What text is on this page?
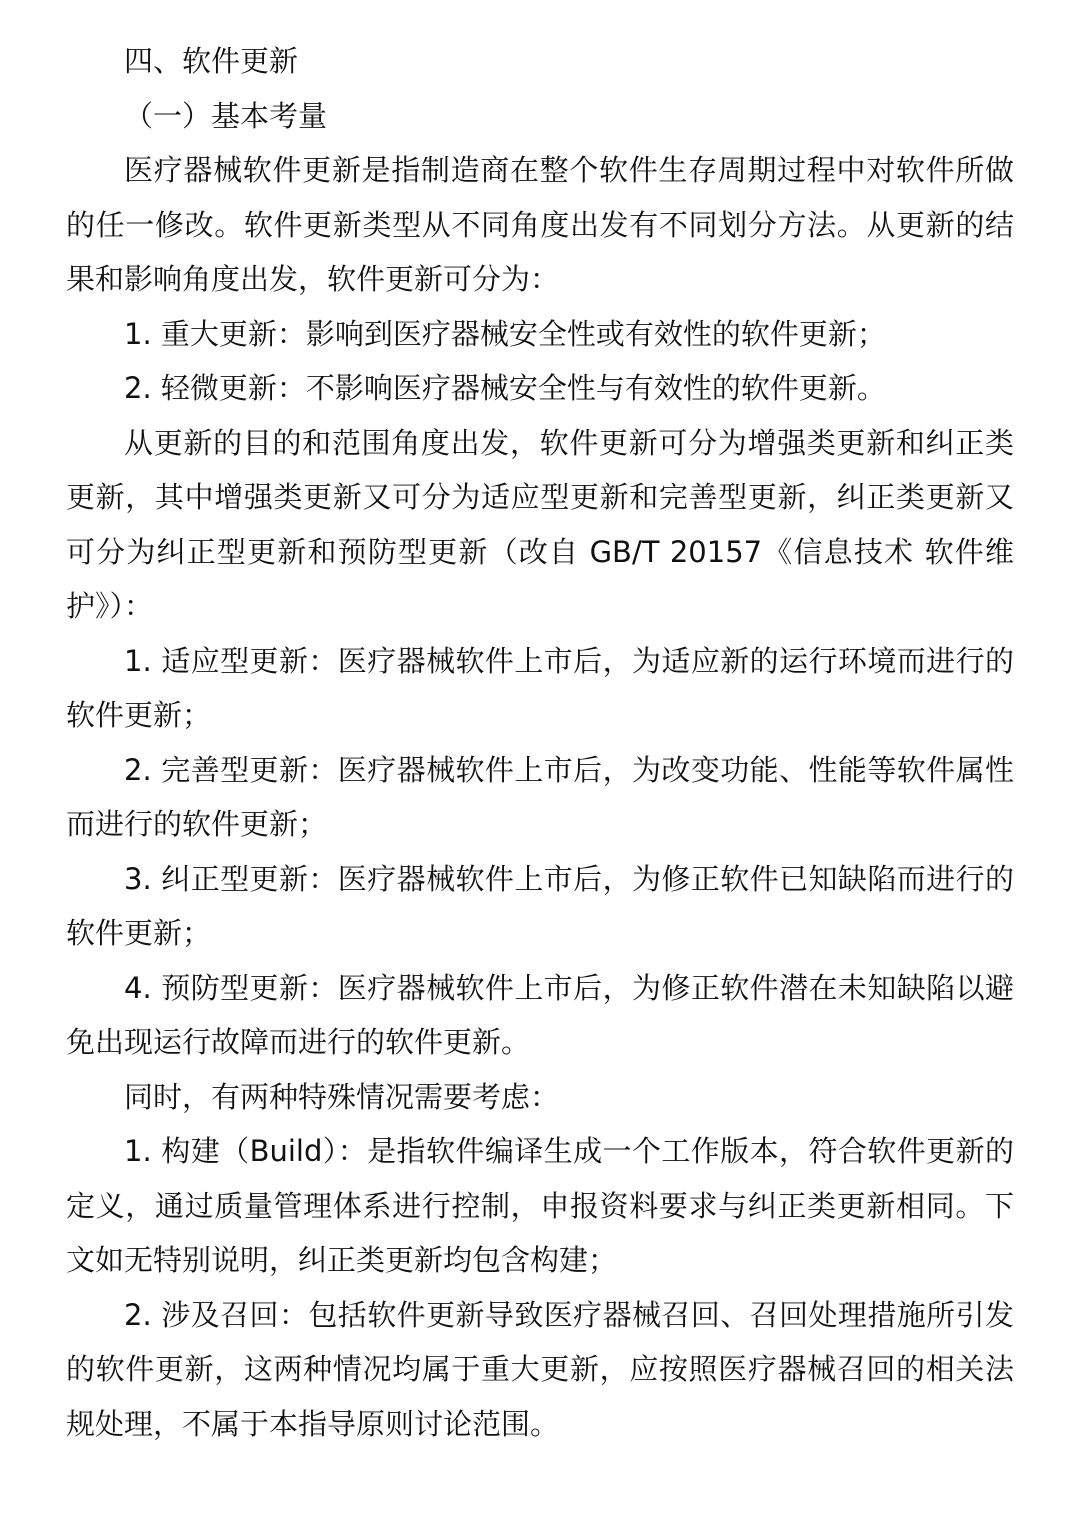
四、软件更新

（一）基本考量

医疗器械软件更新是指制造商在整个软件生存周期过程中对软件所做的任一修改。软件更新类型从不同角度出发有不同划分方法。从更新的结果和影响角度出发，软件更新可分为：

1. 重大更新：影响到医疗器械安全性或有效性的软件更新；

2. 轻微更新：不影响医疗器械安全性与有效性的软件更新。

从更新的目的和范围角度出发，软件更新可分为增强类更新和纠正类更新，其中增强类更新又可分为适应型更新和完善型更新，纠正类更新又可分为纠正型更新和预防型更新（改自 GB/T 20157《信息技术 软件维护》）：

1. 适应型更新：医疗器械软件上市后，为适应新的运行环境而进行的软件更新；

2. 完善型更新：医疗器械软件上市后，为改变功能、性能等软件属性而进行的软件更新；

3. 纠正型更新：医疗器械软件上市后，为修正软件已知缺陷而进行的软件更新；

4. 预防型更新：医疗器械软件上市后，为修正软件潜在未知缺陷以避免出现运行故障而进行的软件更新。

同时，有两种特殊情况需要考虑：

1. 构建（Build）：是指软件编译生成一个工作版本，符合软件更新的定义，通过质量管理体系进行控制，申报资料要求与纠正类更新相同。下文如无特别说明，纠正类更新均包含构建；

2. 涉及召回：包括软件更新导致医疗器械召回、召回处理措施所引发的软件更新，这两种情况均属于重大更新，应按照医疗器械召回的相关法规处理，不属于本指导原则讨论范围。
